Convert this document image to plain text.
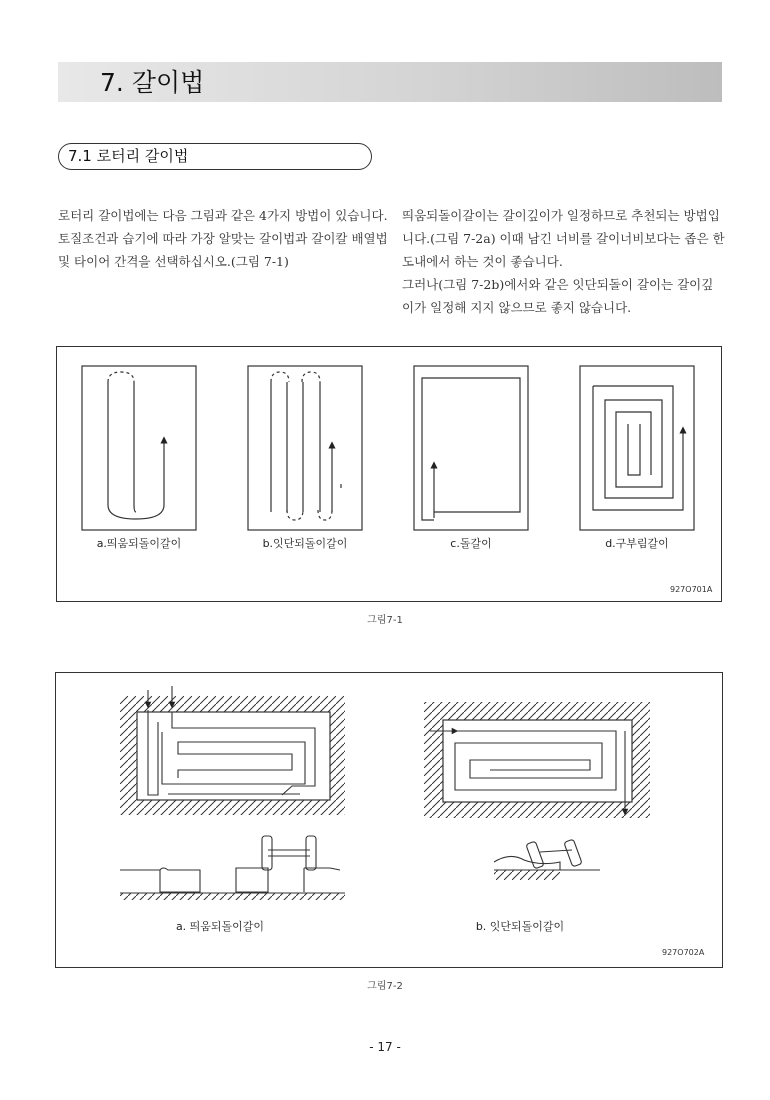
7. 갈이법
7.1 로터리 갈이법
로터리 갈이법에는 다음 그림과 같은 4가지 방법이 있습니다.
토질조건과 습기에 따라 가장 알맞는 갈이법과 갈이칼 배열법
및 타이어 간격을 선택하십시오.(그림 7-1)
띄움되돌이갈이는 갈이깊이가 일정하므로 추천되는 방법입
니다.(그림 7-2a) 이때 남긴 너비를 갈이너비보다는 좁은 한
도내에서 하는 것이 좋습니다.
그러나(그림 7-2b)에서와 같은 잇단되돌이 갈이는 갈이깊
이가 일정해 지지 않으므로 좋지 않습니다.
a.띄움되돌이갈이	b.잇단되돌이갈이	c.돌갈이	d.구부림갈이
927O701A
그림7-1
a. 띄움되돌이갈이	b. 잇단되돌이갈이
927O702A
그림7-2
- 17 -
